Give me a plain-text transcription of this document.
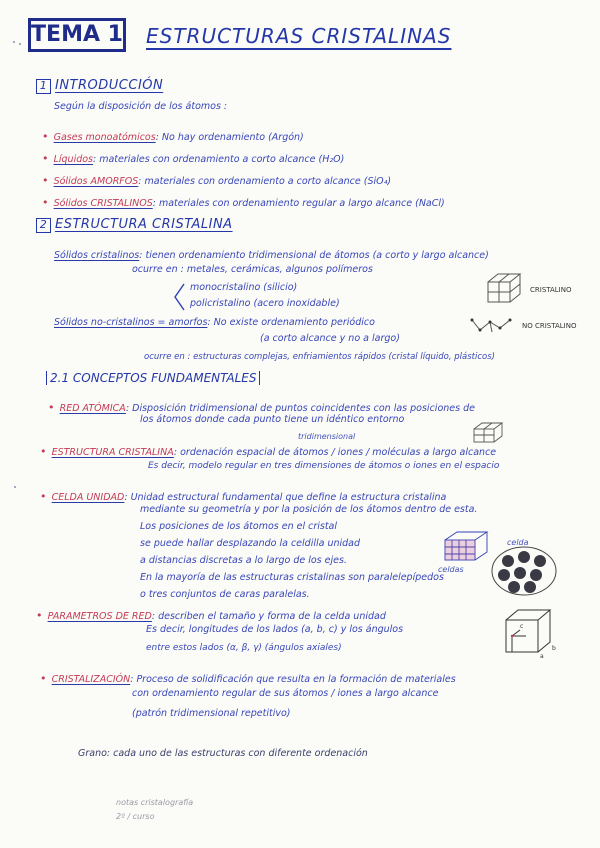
TEMA 1 ESTRUCTURAS CRISTALINAS
1 INTRODUCCIÓN
Según la disposición de los átomos :
• Gases monoatómicos: No hay ordenamiento (Argón)
• Líquidos: materiales con ordenamiento a corto alcance (H₂O)
• Sólidos AMORFOS: materiales con ordenamiento a corto alcance (SiO₄)
• Sólidos CRISTALINOS: materiales con ordenamiento regular a largo alcance (NaCl)
2 ESTRUCTURA CRISTALINA
Sólidos cristalinos: tienen ordenamiento tridimensional de átomos (a corto y largo alcance)
ocurre en : metales, cerámicas, algunos polímeros
monocristalino (silicio)
policristalino (acero inoxidable)
CRISTALINO
Sólidos no-cristalinos = amorfos: No existe ordenamiento periódico
(a corto alcance y no a largo)
ocurre en : estructuras complejas, enfriamientos rápidos (cristal líquido, plásticos)
NO CRISTALINO
2.1 CONCEPTOS FUNDAMENTALES
• RED ATÓMICA: Disposición tridimensional de puntos coincidentes con las posiciones de
los átomos donde cada punto tiene un idéntico entorno
tridimensional
• ESTRUCTURA CRISTALINA: ordenación espacial de átomos / iones / moléculas a largo alcance
Es decir, modelo regular en tres dimensiones de átomos o iones en el espacio
• CELDA UNIDAD: Unidad estructural fundamental que define la estructura cristalina
mediante su geometría y por la posición de los átomos dentro de esta.
Los posiciones de los átomos en el cristal
se puede hallar desplazando la celdilla unidad
a distancias discretas a lo largo de los ejes.
celdas
En la mayoría de las estructuras cristalinas son paralelepípedos
o tres conjuntos de caras paralelas.
celda
• PARAMETROS DE RED: describen el tamaño y forma de la celda unidad
Es decir, longitudes de los lados (a, b, c) y los ángulos
entre estos lados (α, β, γ) (ángulos axiales)
a
b
c
• CRISTALIZACIÓN: Proceso de solidificación que resulta en la formación de materiales
con ordenamiento regular de sus átomos / iones a largo alcance
(patrón tridimensional repetitivo)
Grano: cada uno de las estructuras con diferente ordenación
notas cristalografía
2º / curso
